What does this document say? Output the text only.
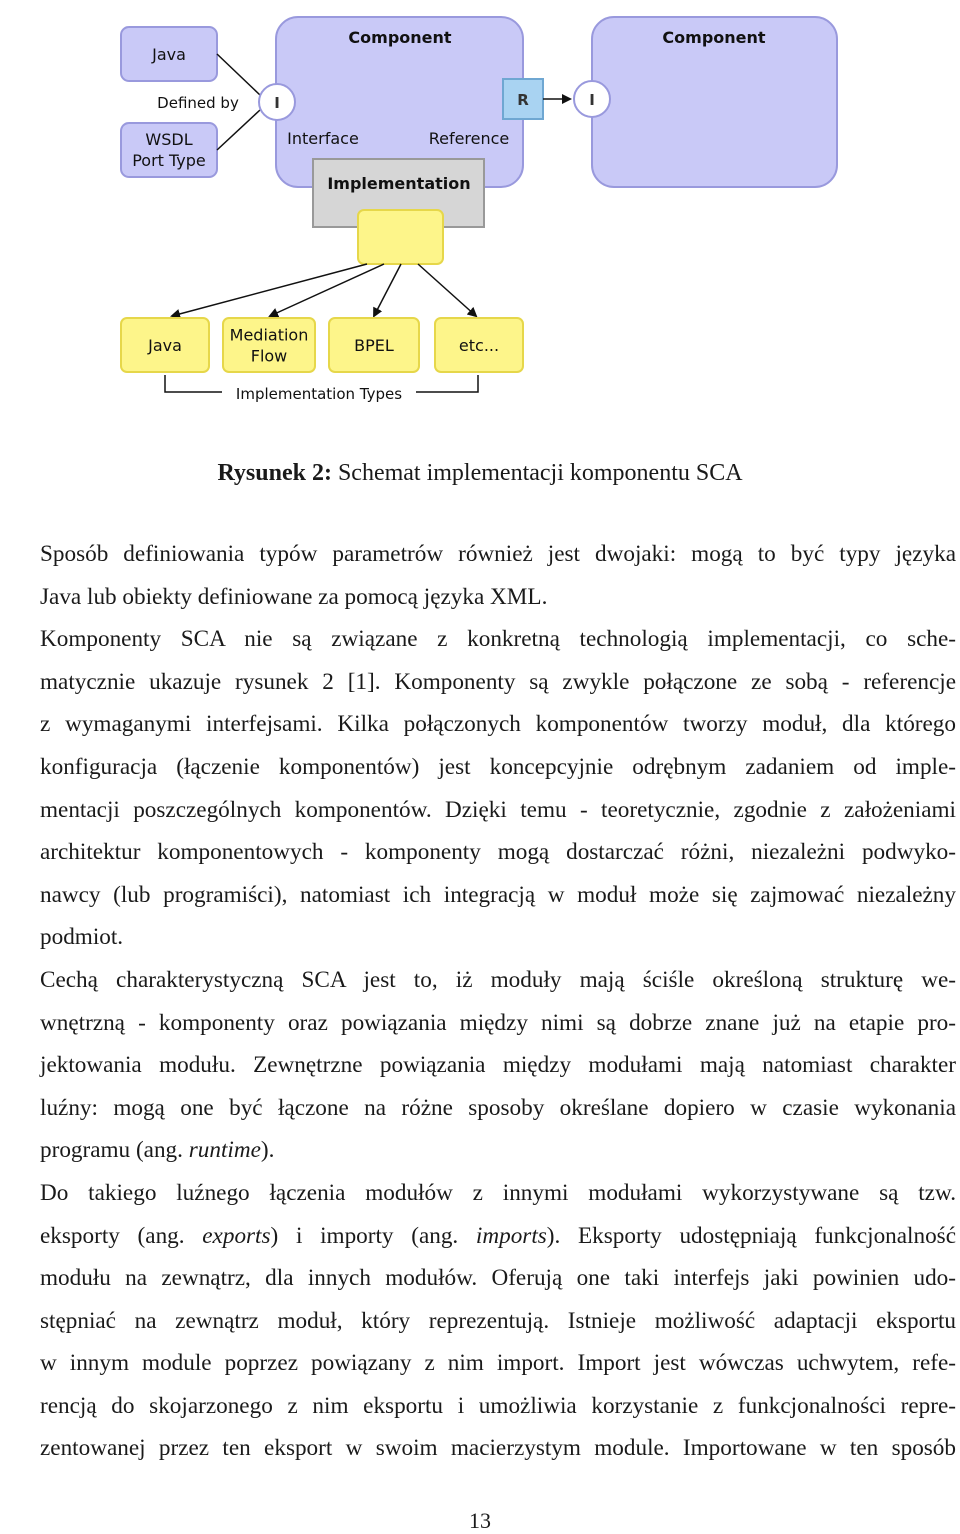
Component	Component
Java
WSDL
Port Type
Defined by I	R	I
Interface	Reference
Implementation
Java
Mediation
Flow
BPEL	etc...
Implementation Types
Rysunek 2: Schemat implementacji komponentu SCA

Sposób definiowania typów parametrów również jest dwojaki: mogą to być typy języka
Java lub obiekty definiowane za pomocą języka XML.

Komponenty SCA nie są związane z konkretną technologią implementacji, co sche-
matycznie ukazuje rysunek 2 [1]. Komponenty są zwykle połączone ze sobą - referencje
z wymaganymi interfejsami. Kilka połączonych komponentów tworzy moduł, dla którego
konfiguracja (łączenie komponentów) jest koncepcyjnie odrębnym zadaniem od imple-
mentacji poszczególnych komponentów. Dzięki temu - teoretycznie, zgodnie z założeniami
architektur komponentowych - komponenty mogą dostarczać różni, niezależni podwyko-
nawcy (lub programiści), natomiast ich integracją w moduł może się zajmować niezależny
podmiot.

Cechą charakterystyczną SCA jest to, iż moduły mają ściśle określoną strukturę we-
wnętrzną - komponenty oraz powiązania między nimi są dobrze znane już na etapie pro-
jektowania modułu. Zewnętrzne powiązania między modułami mają natomiast charakter
luźny: mogą one być łączone na różne sposoby określane dopiero w czasie wykonania
programu (ang. runtime).

Do takiego luźnego łączenia modułów z innymi modułami wykorzystywane są tzw.
eksporty (ang. exports) i importy (ang. imports). Eksporty udostępniają funkcjonalność
modułu na zewnątrz, dla innych modułów. Oferują one taki interfejs jaki powinien udo-
stępniać na zewnątrz moduł, który reprezentują. Istnieje możliwość adaptacji eksportu
w innym module poprzez powiązany z nim import. Import jest wówczas uchwytem, refe-
rencją do skojarzonego z nim eksportu i umożliwia korzystanie z funkcjonalności repre-
zentowanej przez ten eksport w swoim macierzystym module. Importowane w ten sposób

13
